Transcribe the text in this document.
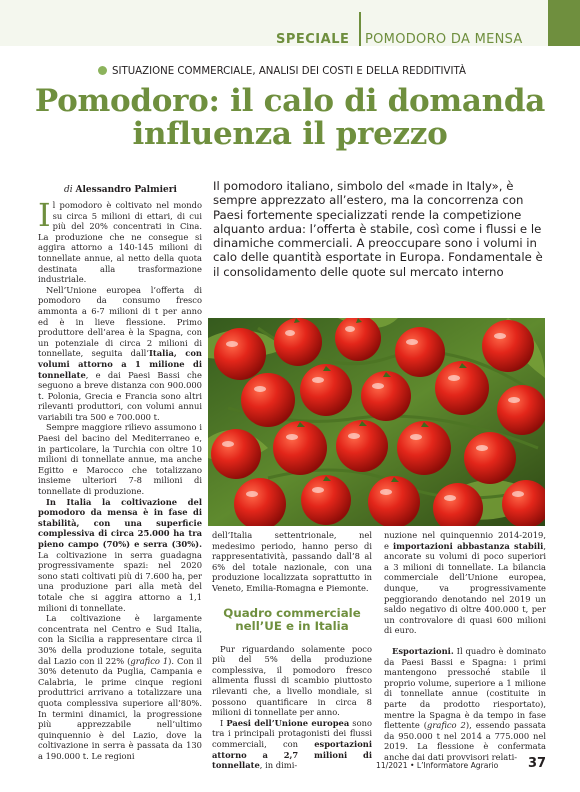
SPECIALE POMODORO DA MENSA
SITUAZIONE COMMERCIALE, ANALISI DEI COSTI E DELLA REDDITIVITÀ
Pomodoro: il calo di domanda
influenza il prezzo
di Alessandro Palmieri

Il pomodoro è coltivato nel mondo su circa 5 milioni di ettari, di cui più del 20% concentrati in Cina. La produzione che ne consegue si aggira attorno a 140-145 milioni di tonnellate annue, al netto della quota destinata alla trasformazione industriale.

Nell’Unione europea l’offerta di pomodoro da consumo fresco ammonta a 6-7 milioni di t per anno ed è in lieve flessione. Primo produttore dell’area è la Spagna, con un potenziale di circa 2 milioni di tonnellate, seguita dall’Italia, con volumi attorno a 1 milione di tonnellate, e dai Paesi Bassi che seguono a breve distanza con 900.000 t. Polonia, Grecia e Francia sono altri rilevanti produttori, con volumi annui variabili tra 500 e 700.000 t.

Sempre maggiore rilievo assumono i Paesi del bacino del Mediterraneo e, in particolare, la Turchia con oltre 10 milioni di tonnellate annue, ma anche Egitto e Marocco che totalizzano insieme ulteriori 7-8 milioni di tonnellate di produzione.

In Italia la coltivazione del pomodoro da mensa è in fase di stabilità, con una superficie complessiva di circa 25.000 ha tra pieno campo (70%) e serra (30%). La coltivazione in serra guadagna progressivamente spazi: nel 2020 sono stati coltivati più di 7.600 ha, per una produzione pari alla metà del totale che si aggira attorno a 1,1 milioni di tonnellate.

La coltivazione è largamente concentrata nel Centro e Sud Italia, con la Sicilia a rappresentare circa il 30% della produzione totale, seguita dal Lazio con il 22% (grafico 1). Con il 30% detenuto da Puglia, Campania e Calabria, le prime cinque regioni produttrici arrivano a totalizzare una quota complessiva superiore all’80%. In termini dinamici, la progressione più apprezzabile nell’ultimo quinquennio è del Lazio, dove la coltivazione in serra è passata da 130 a 190.000 t. Le regioni

Il pomodoro italiano, simbolo del «made in Italy», è sempre apprezzato all’estero, ma la concorrenza con Paesi fortemente specializzati rende la competizione alquanto ardua: l’offerta è stabile, così come i flussi e le dinamiche commerciali. A preoccupare sono i volumi in calo delle quantità esportate in Europa. Fondamentale è il consolidamento delle quote sul mercato interno

dell’Italia settentrionale, nel medesimo periodo, hanno perso di rappresentatività, passando dall’8 al 6% del totale nazionale, con una produzione localizzata soprattutto in Veneto, Emilia-Romagna e Piemonte.

Quadro commerciale nell’UE e in Italia

Pur riguardando solamente poco più del 5% della produzione complessiva, il pomodoro fresco alimenta flussi di scambio piuttosto rilevanti che, a livello mondiale, si possono quantificare in circa 8 milioni di tonnellate per anno.

I Paesi dell’Unione europea sono tra i principali protagonisti dei flussi commerciali, con esportazioni attorno a 2,7 milioni di tonnellate, in dimi-

nuzione nel quinquennio 2014-2019, e importazioni abbastanza stabili, ancorate su volumi di poco superiori a 3 milioni di tonnellate. La bilancia commerciale dell’Unione europea, dunque, va progressivamente peggiorando denotando nel 2019 un saldo negativo di oltre 400.000 t, per un controvalore di quasi 600 milioni di euro.

Esportazioni. Il quadro è dominato da Paesi Bassi e Spagna: i primi mantengono pressoché stabile il proprio volume, superiore a 1 milione di tonnellate annue (costituite in parte da prodotto riesportato), mentre la Spagna è da tempo in fase flettente (grafico 2), essendo passata da 950.000 t nel 2014 a 775.000 nel 2019. La flessione è confermata anche dai dati provvisori relati-

11/2021 • L’Informatore Agrario 37
